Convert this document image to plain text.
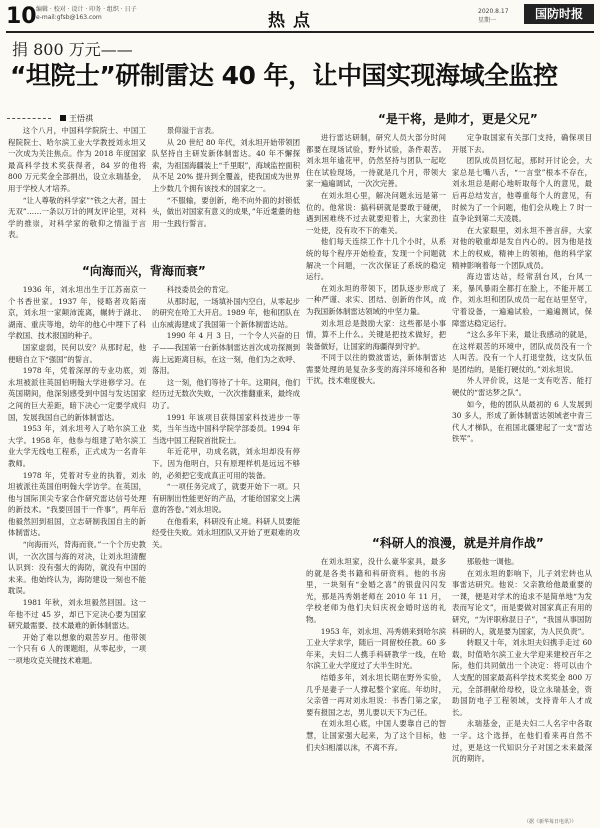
10 编辑 · 校对 · 设计 · 印务 · 组织 · 日子
e-mail:gfsb@163.com	热点	2020.8.17
星期一	国防时报
捐 800 万元——
“坦院士”研制雷达 40 年，让中国实现海域全监控
王悟祺

这个八月，中国科学院院士、中国工程院院士、哈尔滨工业大学教授刘永坦又一次成为关注焦点。作为 2018 年度国家最高科学技术奖获得者，84 岁的他将 800 万元奖金全部捐出，设立永瑞基金，用于学校人才培养。

“让人尊敬的科学家”“铁之大者，国士无双”……一条以万计的网友评论里，对科学的推崇，对科学家的敬仰之情溢于言表。

景仰溢于言表。

从 20 世纪 80 年代，刘永坦开始带领团队坚持自主研发新体制雷达。40 年不懈探索，为祖国海疆装上“千里眼”，海域监控面积从不足 20% 提升到全覆盖，使我国成为世界上少数几个拥有该技术的国家之一。

“不服输，要创新，绝不向外面的封锁低头，做出对国家有意义的成果，”年近耄耋的他用一生践行誓言。

“向海而兴，背海而衰”

1936 年，刘永坦出生于江苏南京一个书香世家。1937 年，侵略者攻陷南京，刘永坦一家颠沛流离，辗转于湖北、湖南、重庆等地，幼年的他心中埋下了科学救国、技术报国的种子。

国家虚弱，民何以安？从那时起，他便暗自立下“强国”的誓言。

1978 年，凭着深厚的专业功底，刘永坦被派往英国伯明翰大学进修学习。在英国期间，他深刻感受到中国与发达国家之间的巨大差距，暗下决心一定要学成归国，发展我国自己的新体制雷达。

1953 年，刘永坦考入了哈尔滨工业大学。1958 年，他参与组建了哈尔滨工业大学无线电工程系，正式成为一名青年教师。

1978 年，凭着对专业的执着，刘永坦被派往英国伯明翰大学访学。在英国，他与国际顶尖专家合作研究雷达信号处理的新技术。“我要回国干一件事”，两年后他毅然回到祖国，立志研制我国自主的新体制雷达。

“向海而兴，背海而衰。”一个个历史教训，一次次国与海的对决，让刘永坦清醒认识到：没有强大的海防，就没有中国的未来。他始终认为，海防建设一刻也不能耽误。

1981 年秋，刘永坦毅然回国。这一年他不过 45 岁，却已下定决心要为国家研究最需要、技术最难的新体制雷达。

开始了难以想象的艰苦岁月。他带领一个只有 6 人的课题组，从零起步，一项一项地攻克关键技术难题。

科技委员会的肯定。

从那时起，一场填补国内空白，从零起步的研究在哈工大开启。1989 年，他和团队在山东威海建成了我国第一个新体制雷达站。

1990 年 4 月 3 日，一个令人兴奋的日子——我国第一台新体制雷达首次成功探测到海上远距离目标，在这一刻，他们为之欢呼、落泪。

这一刻，他们等待了十年。这期间，他们经历过无数次失败，一次次推翻重来，最终成功了。

1991 年该项目获得国家科技进步一等奖，当年当选中国科学院学部委员。1994 年当选中国工程院首批院士。

年近花甲，功成名就，刘永坦却没有停下。因为他明白，只有原理样机是远远不够的，必须把它变成真正可用的装备。

“一项任务完成了，就要开始下一项。只有研制出性能更好的产品，才能给国家交上满意的答卷。”刘永坦说。

在他看来，科研没有止境。科研人员要能经受住失败。刘永坦团队又开始了更艰难的攻关。

“是干将，是帅才，更是父兄”

进行雷达研制，研究人员大部分时间都要在现场试验，野外试验，条件艰苦。刘永坦年逾花甲，仍然坚持与团队一起吃住在试验现场，一待就是几个月，带领大家一遍遍调试，一次次完善。

在刘永坦心里，解决问题永远是第一位的。他常说：搞科研就是要敢于碰硬，遇到困难绕不过去就要迎着上，大家劲往一处使，没有攻不下的难关。

他们每天连续工作十几个小时，从系统的每个程序开始检查，发现一个问题就解决一个问题，一次次保证了系统的稳定运行。

在刘永坦的带领下，团队逐步形成了一种严谨、求实、团结、创新的作风，成为我国新体制雷达领域的中坚力量。

刘永坦总是鼓励大家：这些都是小事情，算不上什么。关键是把技术做好，把装备做好，让国家的海疆得到守护。

不同于以往的微波雷达，新体制雷达需要处理的是复杂多变的海洋环境和各种干扰，技术难度极大。

定争取国家有关部门支持，确保项目开展下去。

团队成员回忆起，那时开讨论会，大家总是七嘴八舌，“一言堂”根本不存在，刘永坦总是耐心地听取每个人的意见，最后再总结发言，他尊重每个人的意见，有时候为了一个问题，他们会从晚上 7 时一直争论到第二天凌晨。

在大家眼里，刘永坦不善言辞，大家对他的敬重却是发自内心的。因为他是技术上的权威，精神上的领袖，他的科学家精神影响着每一个团队成员。

海边雷达站，经常刮台风，台风一来，暴风暴雨全都打在脸上，不能开展工作，刘永坦和团队成员一起在站里坚守，守着设备，一遍遍试验，一遍遍测试，保障雷达稳定运行。

“这么多年下来，最让我感动的就是，在这样艰苦的环境中，团队成员没有一个人叫苦。没有一个人打退堂鼓，这支队伍是团结的，是能打硬仗的。”刘永坦说。

外人评价说，这是一支有吃苦、能打硬仗的“雷达梦之队”。

如今，他的团队从最初的 6 人发展到 30 多人，形成了新体制雷达领域老中青三代人才梯队，在祖国北疆建起了一支“雷达铁军”。

“科研人的浪漫，就是并肩作战”

在刘永坦家，没什么豪华家具，最多的就是各类书籍和科研资料。他的书房里，一块刻有“金婚之喜”的银盘闪闪发光，那是冯秀娟老师在 2010 年 11 月，学校老师为他们夫妇庆祝金婚时送的礼物。

1953 年，刘永坦、冯秀娟来到哈尔滨工业大学求学，随后一同留校任教。60 多年来，夫妇二人携手科研教学一线，在哈尔滨工业大学度过了大半生时光。

结婚多年，刘永坦长期在野外实验，几乎是妻子一人撑起整个家庭。年幼时，父亲曾一再对刘永坦说：书香门第之家，要有报国之志，男儿要以天下为己任。

在刘永坦心底，中国人要靠自己的智慧，让国家强大起来，为了这个目标，他们夫妇相濡以沫，不离不弃。

那般他一调他。

在刘永坦的影响下，儿子刘宏转也从事雷达研究。他说：父亲教给他最重要的一课，便是对学术的追求不是简单地“为发表而写论文”，而是要做对国家真正有用的研究，“为评职称混日子”，“我国从事国防科研的人，就是要为国家，为人民负责”。

转眼又十年，刘永坦夫妇携手走过 60 载，时值哈尔滨工业大学迎来建校百年之际，他们共同做出一个决定：将可以由个人支配的国家最高科学技术奖奖金 800 万元，全部捐献给母校，设立永瑞基金，资助国防电子工程领域，支持青年人才成长。

永瑞基金，正是夫妇二人名字中各取一字。这个选择，在他们看来再自然不过，更是这一代知识分子对国之未来最深沉的期许。

（据《新华每日电讯》）
